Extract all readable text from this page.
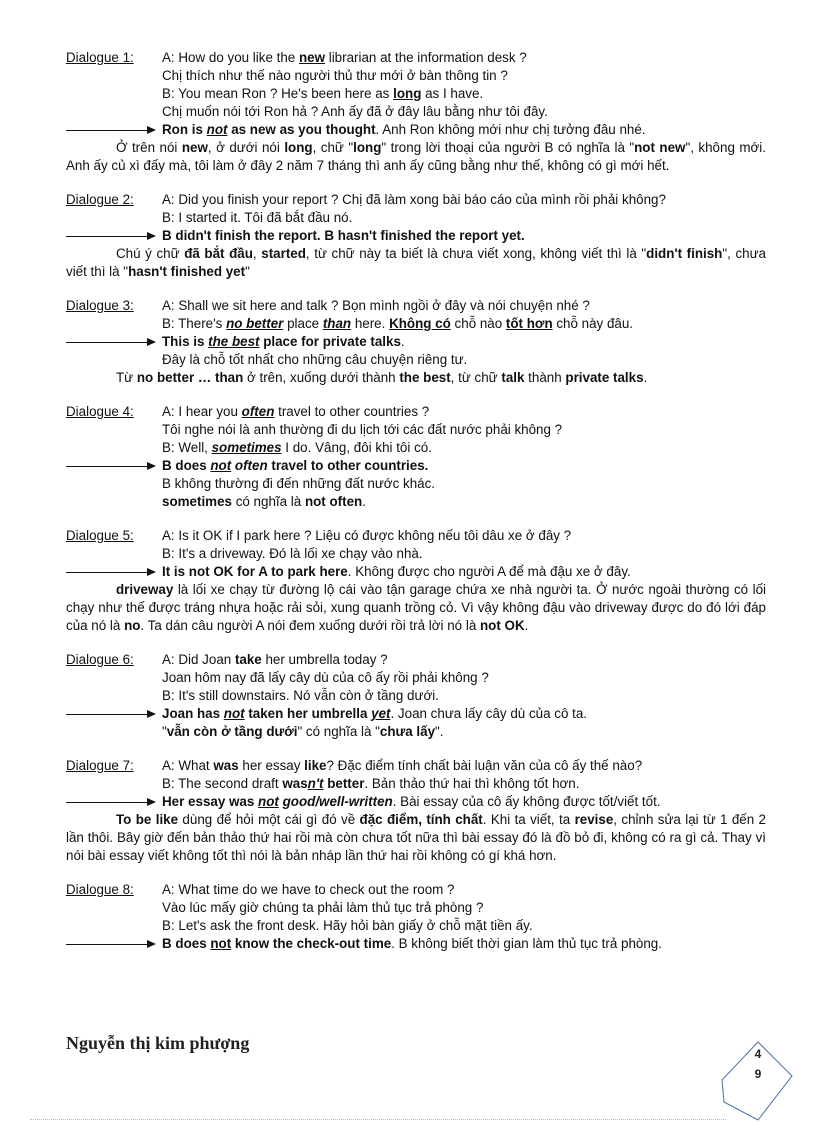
Dialogue 1:	A: How do you like the new librarian at the information desk ?
Chị thích như thế nào người thủ thư mới ở bàn thông tin ?
B: You mean Ron ? He's been here as long as I have.
Chị muốn nói tới Ron hả ? Anh ấy đã ở đây lâu bằng như tôi đây.
Ron is not as new as you thought. Anh Ron không mới như chị tưởng đâu nhé.
Ở trên nói new, ở dưới nói long, chữ "long" trong lời thoại của người B có nghĩa là "not new", không mới. Anh ấy củ xì đấy mà, tôi làm ở đây 2 năm 7 tháng thì anh ấy cũng bằng như thế, không có gì mới hết.
Dialogue 2:	A: Did you finish your report ? Chị đã làm xong bài báo cáo của mình rồi phải không?
B: I started it. Tôi đã bắt đầu nó.
B didn't finish the report. B hasn't finished the report yet.
Chú ý chữ đã bắt đầu, started, từ chữ này ta biết là chưa viết xong, không viết thì là "didn't finish", chưa viết thì là "hasn't finished yet"
Dialogue 3:	A: Shall we sit here and talk ? Bọn mình ngồi ở đây và nói chuyện nhé ?
B: There's no better place than here. Không có chỗ nào tốt hơn chỗ này đâu.
This is the best place for private talks.
Đây là chỗ tốt nhất cho những câu chuyện riêng tư.
Từ no better … than ở trên, xuống dưới thành the best, từ chữ talk thành private talks.
Dialogue 4:	A: I hear you often travel to other countries ?
Tôi nghe nói là anh thường đi du lịch tới các đất nước phải không ?
B: Well, sometimes I do. Vâng, đôi khi tôi có.
B does not often travel to other countries.
B không thường đi đến những đất nước khác.
sometimes có nghĩa là not often.
Dialogue 5:	A: Is it OK if I park here ? Liệu có được không nếu tôi dâu xe ở đây ?
B: It's a driveway. Đó là lối xe chạy vào nhà.
It is not OK for A to park here. Không được cho người A để mà đậu xe ở đây.
driveway là lối xe chạy từ đường lộ cái vào tận garage chứa xe nhà người ta. Ở nước ngoài thường có lối chạy như thế được tráng nhựa hoặc rải sỏi, xung quanh trồng cỏ. Vì vậy không đậu vào driveway được do đó lới đáp của nó là no. Ta dán câu người A nói đem xuống dưới rồi trả lời nó là not OK.
Dialogue 6:	A: Did Joan take her umbrella today ?
Joan hôm nay đã lấy cây dù của cô ấy rồi phải không ?
B: It's still downstairs. Nó vẫn còn ở tầng dưới.
Joan has not taken her umbrella yet. Joan chưa lấy cây dù của cô ta.
"vẫn còn ở tầng dưới" có nghĩa là "chưa lấy".
Dialogue 7:	A: What was her essay like? Đặc điểm tính chất bài luận văn của cô ấy thế nào?
B: The second draft wasn't better. Bản thảo thứ hai thì không tốt hơn.
Her essay was not good/well-written. Bài essay của cô ấy không được tốt/viết tốt.
To be like dùng để hỏi một cái gì đó về đặc điểm, tính chất. Khi ta viết, ta revise, chỉnh sửa lại từ 1 đến 2 lần thôi. Bây giờ đến bản thảo thứ hai rồi mà còn chưa tốt nữa thì bài essay đó là đồ bỏ đi, không có ra gì cả. Thay vì nói bài essay viết không tốt thì nói là bản nháp lần thứ hai rồi không có gí khá hơn.
Dialogue 8:	A: What time do we have to check out the room ?
Vào lúc mấy giờ chúng ta phải làm thủ tục trả phòng ?
B: Let's ask the front desk. Hãy hỏi bàn giấy ở chỗ mặt tiền ấy.
B does not know the check-out time. B không biết thời gian làm thủ tục trả phòng.
Nguyễn thị kim phượng
4
9
